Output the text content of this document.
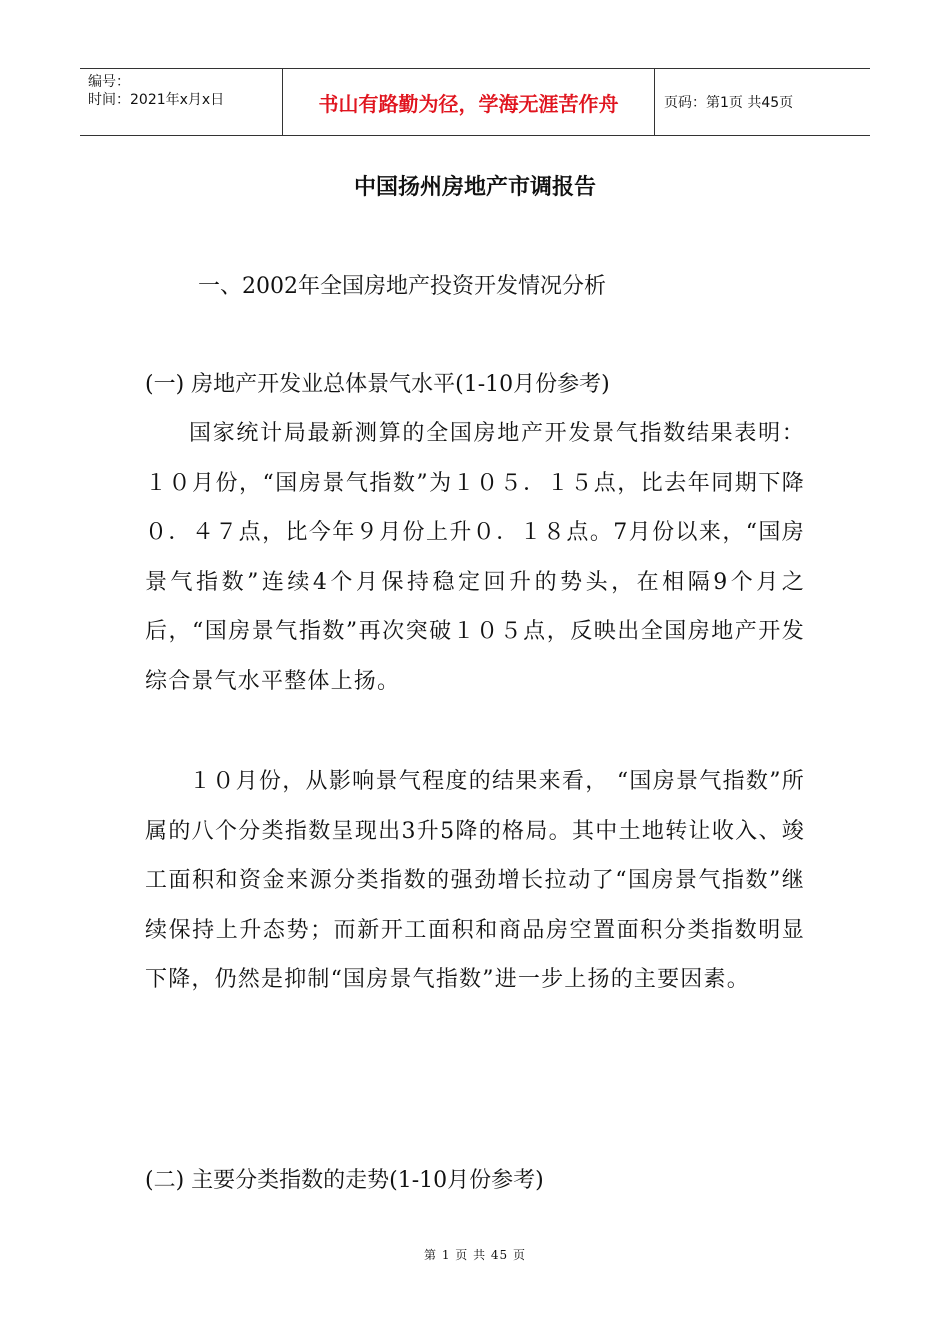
编号：
时间：2021年x月x日	书山有路勤为径，学海无涯苦作舟	页码：第1页 共45页
中国扬州房地产市调报告
一、2002年全国房地产投资开发情况分析
(一) 房地产开发业总体景气水平(1-10月份参考)

国家统计局最新测算的全国房地产开发景气指数结果表明：１０月份，“国房景气指数”为１０５．１５点，比去年同期下降０．４７点，比今年９月份上升０．１８点。7月份以来，“国房景气指数”连续4个月保持稳定回升的势头，在相隔9个月之后，“国房景气指数”再次突破１０５点，反映出全国房地产开发综合景气水平整体上扬。

１０月份，从影响景气程度的结果来看， “国房景气指数”所属的八个分类指数呈现出3升5降的格局。其中土地转让收入、竣工面积和资金来源分类指数的强劲增长拉动了“国房景气指数”继续保持上升态势；而新开工面积和商品房空置面积分类指数明显下降，仍然是抑制“国房景气指数”进一步上扬的主要因素。

(二) 主要分类指数的走势(1-10月份参考)
第 1 页 共 45 页
